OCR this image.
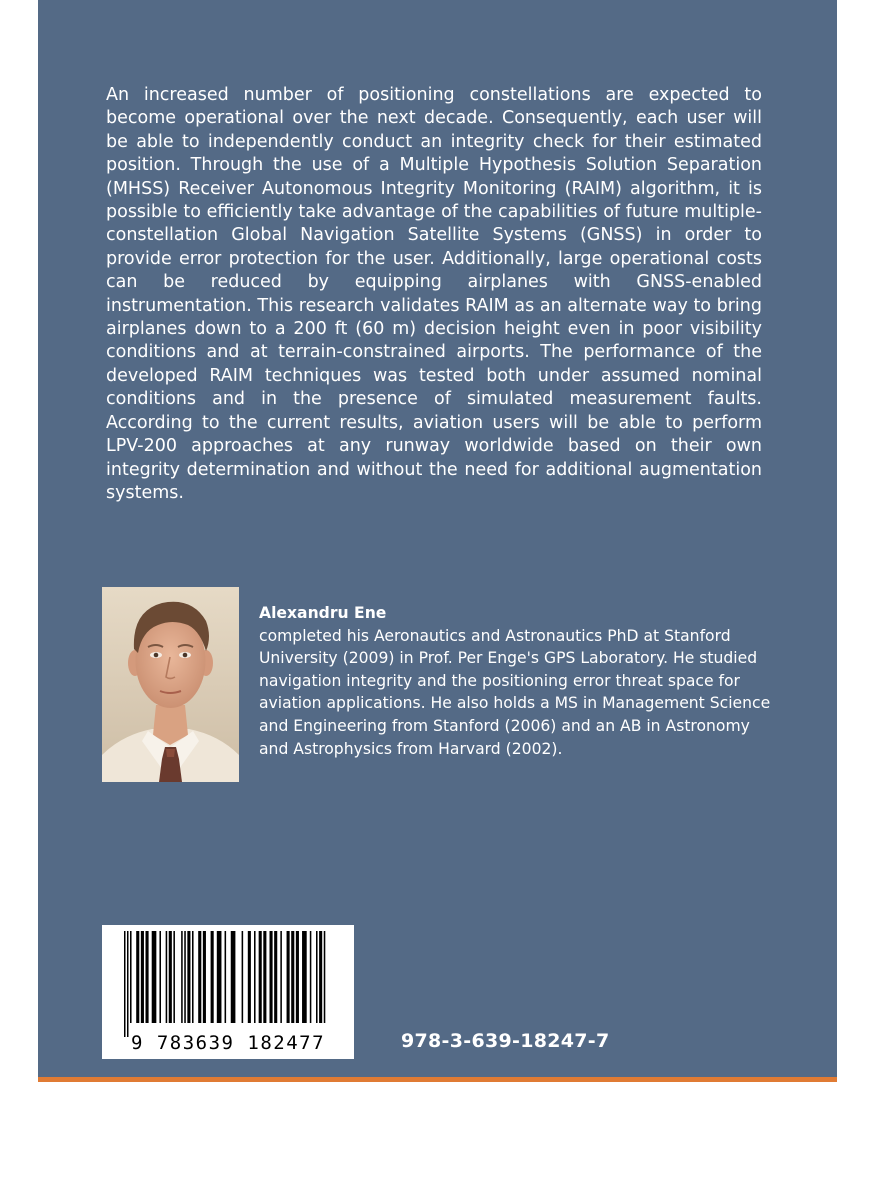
An increased number of positioning constellations are expected to become operational over the next decade. Consequently, each user will be able to independently conduct an integrity check for their estimated position. Through the use of a Multiple Hypothesis Solution Separation (MHSS) Receiver Autonomous Integrity Monitoring (RAIM) algorithm, it is possible to efficiently take advantage of the capabilities of future multiple-constellation Global Navigation Satellite Systems (GNSS) in order to provide error protection for the user. Additionally, large operational costs can be reduced by equipping airplanes with GNSS-enabled instrumentation. This research validates RAIM as an alternate way to bring airplanes down to a 200 ft (60 m) decision height even in poor visibility conditions and at terrain-constrained airports. The performance of the developed RAIM techniques was tested both under assumed nominal conditions and in the presence of simulated measurement faults. According to the current results, aviation users will be able to perform LPV-200 approaches at any runway worldwide based on their own integrity determination and without the need for additional augmentation systems.

Alexandru Ene
completed his Aeronautics and Astronautics PhD at Stanford University (2009) in Prof. Per Enge's GPS Laboratory. He studied navigation integrity and the positioning error threat space for aviation applications. He also holds a MS in Management Science and Engineering from Stanford (2006) and an AB in Astronomy and Astrophysics from Harvard (2002).
9 783639 182477	978-3-639-18247-7
